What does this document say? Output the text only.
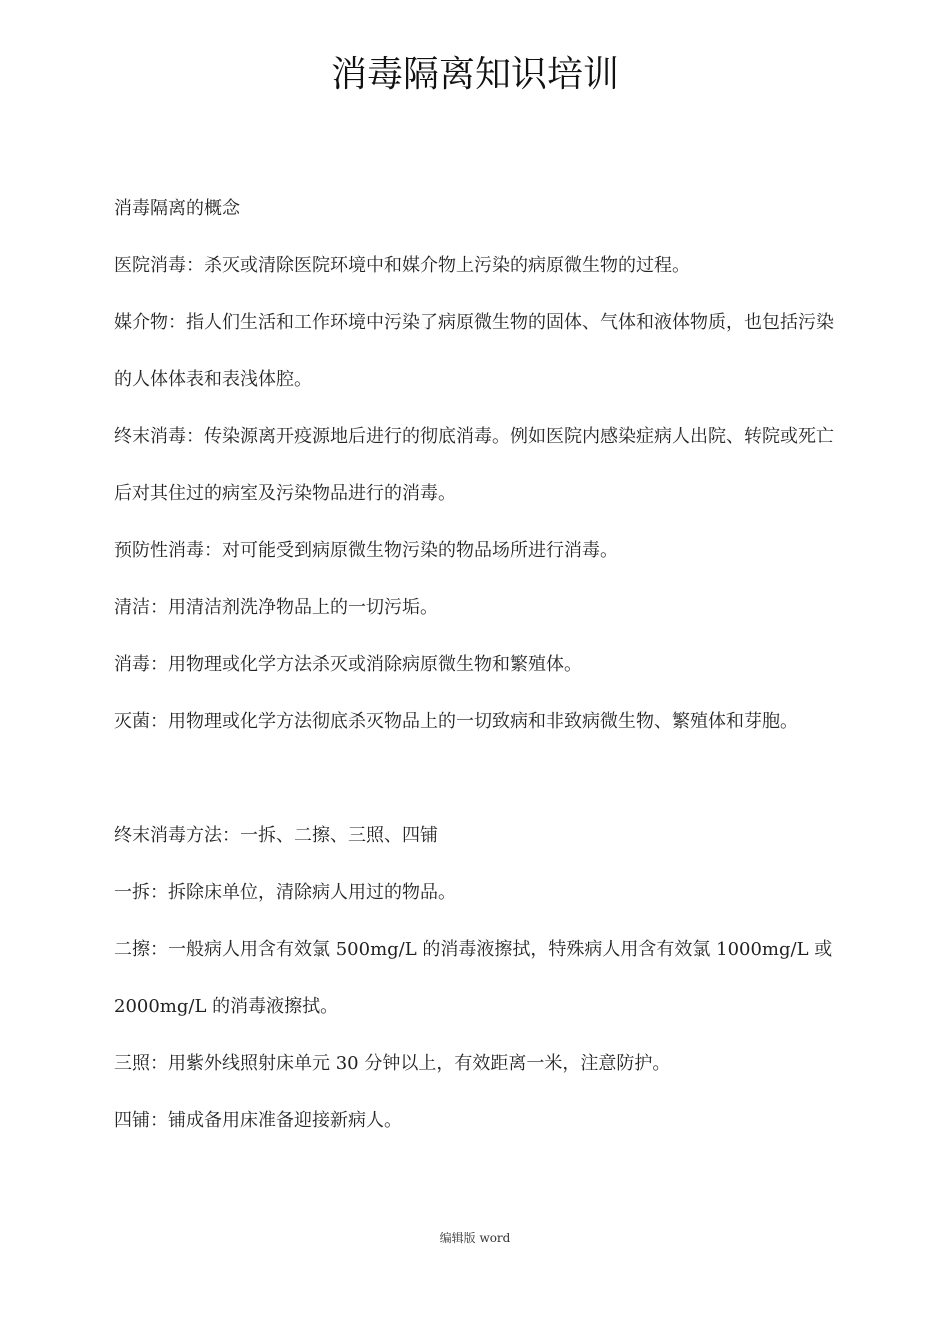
消毒隔离知识培训

消毒隔离的概念

医院消毒：杀灭或清除医院环境中和媒介物上污染的病原微生物的过程。

媒介物：指人们生活和工作环境中污染了病原微生物的固体、气体和液体物质，也包括污染的人体体表和表浅体腔。

终末消毒：传染源离开疫源地后进行的彻底消毒。例如医院内感染症病人出院、转院或死亡后对其住过的病室及污染物品进行的消毒。

预防性消毒：对可能受到病原微生物污染的物品场所进行消毒。

清洁：用清洁剂洗净物品上的一切污垢。

消毒：用物理或化学方法杀灭或消除病原微生物和繁殖体。

灭菌：用物理或化学方法彻底杀灭物品上的一切致病和非致病微生物、繁殖体和芽胞。

终末消毒方法：一拆、二擦、三照、四铺

一拆：拆除床单位，清除病人用过的物品。

二擦：一般病人用含有效氯 500mg/L 的消毒液擦拭，特殊病人用含有效氯 1000mg/L 或 2000mg/L 的消毒液擦拭。

三照：用紫外线照射床单元 30 分钟以上，有效距离一米，注意防护。

四铺：铺成备用床准备迎接新病人。

编辑版 word
